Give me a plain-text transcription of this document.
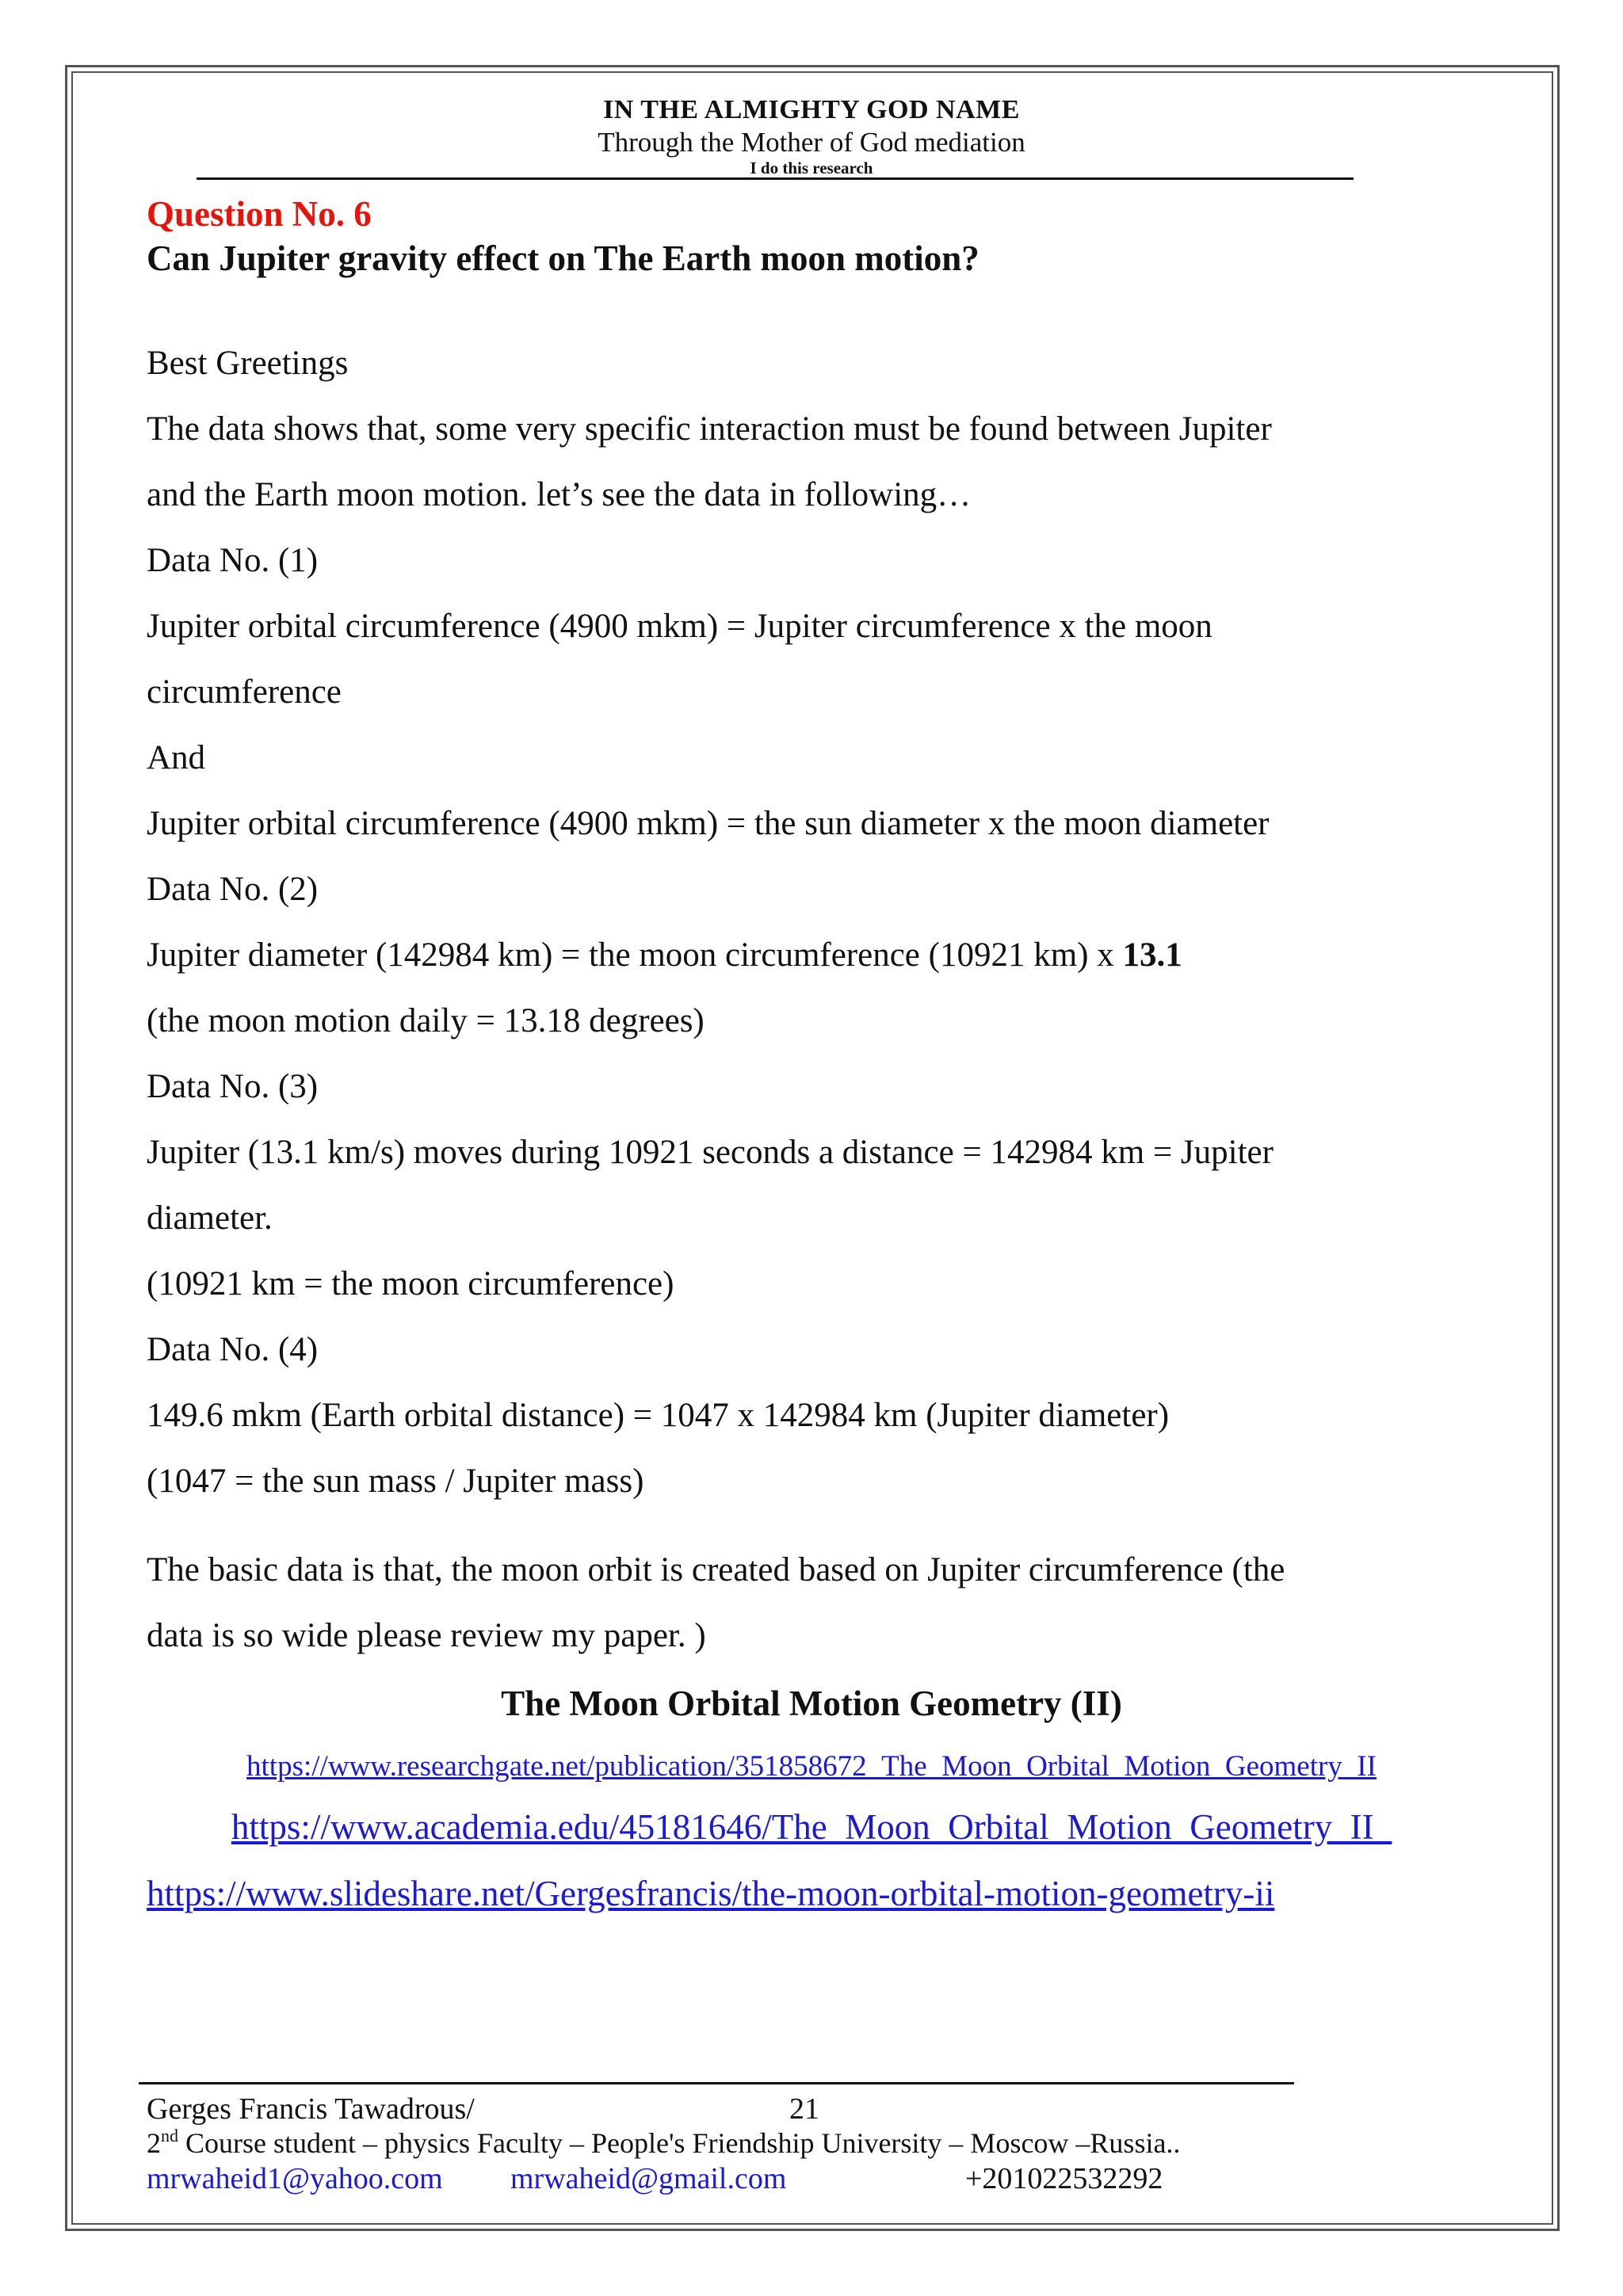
IN THE ALMIGHTY GOD NAME
Through the Mother of God mediation
I do this research
Question No. 6
Can Jupiter gravity effect on The Earth moon motion?
Best Greetings
The data shows that, some very specific interaction must be found between Jupiter
and the Earth moon motion. let’s see the data in following…
Data No. (1)
Jupiter orbital circumference (4900 mkm) = Jupiter circumference x the moon
circumference
And
Jupiter orbital circumference (4900 mkm) = the sun diameter x the moon diameter
Data No. (2)
Jupiter diameter (142984 km) = the moon circumference (10921 km) x 13.1
(the moon motion daily = 13.18 degrees)
Data No. (3)
Jupiter (13.1 km/s) moves during 10921 seconds a distance = 142984 km = Jupiter
diameter.
(10921 km = the moon circumference)
Data No. (4)
149.6 mkm (Earth orbital distance) = 1047 x 142984 km (Jupiter diameter)
(1047 = the sun mass / Jupiter mass)
The basic data is that, the moon orbit is created based on Jupiter circumference (the
data is so wide please review my paper. )
The Moon Orbital Motion Geometry (II)
https://www.researchgate.net/publication/351858672_The_Moon_Orbital_Motion_Geometry_II
https://www.academia.edu/45181646/The_Moon_Orbital_Motion_Geometry_II_
https://www.slideshare.net/Gergesfrancis/the-moon-orbital-motion-geometry-ii
Gerges Francis Tawadrous/	21
2nd Course student – physics Faculty – People's Friendship University – Moscow –Russia..
mrwaheid1@yahoo.com mrwaheid@gmail.com	+201022532292
